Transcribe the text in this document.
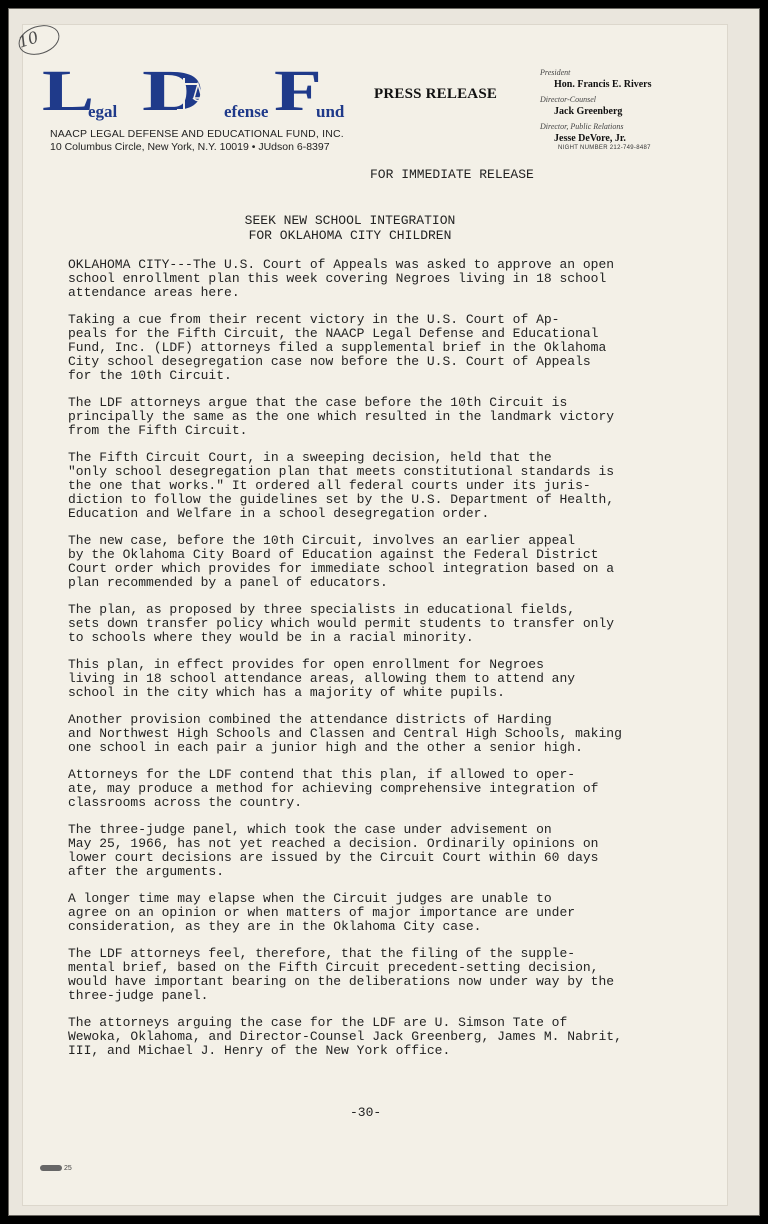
10
L
egal D efense F
und
NAACP LEGAL DEFENSE AND EDUCATIONAL FUND, INC.
10 Columbus Circle, New York, N.Y. 10019 • JUdson 6-8397
PRESS RELEASE
President
Hon. Francis E. Rivers
Director-Counsel
Jack Greenberg
Director, Public Relations
Jesse DeVore, Jr.
NIGHT NUMBER 212-749-8487
FOR IMMEDIATE RELEASE
SEEK NEW SCHOOL INTEGRATION
FOR OKLAHOMA CITY CHILDREN

OKLAHOMA CITY---The U.S. Court of Appeals was asked to approve an open
school enrollment plan this week covering Negroes living in 18 school
attendance areas here.

Taking a cue from their recent victory in the U.S. Court of Ap-
peals for the Fifth Circuit, the NAACP Legal Defense and Educational
Fund, Inc. (LDF) attorneys filed a supplemental brief in the Oklahoma
City school desegregation case now before the U.S. Court of Appeals
for the 10th Circuit.

The LDF attorneys argue that the case before the 10th Circuit is
principally the same as the one which resulted in the landmark victory
from the Fifth Circuit.

The Fifth Circuit Court, in a sweeping decision, held that the
"only school desegregation plan that meets constitutional standards is
the one that works." It ordered all federal courts under its juris-
diction to follow the guidelines set by the U.S. Department of Health,
Education and Welfare in a school desegregation order.

The new case, before the 10th Circuit, involves an earlier appeal
by the Oklahoma City Board of Education against the Federal District
Court order which provides for immediate school integration based on a
plan recommended by a panel of educators.

The plan, as proposed by three specialists in educational fields,
sets down transfer policy which would permit students to transfer only
to schools where they would be in a racial minority.

This plan, in effect provides for open enrollment for Negroes
living in 18 school attendance areas, allowing them to attend any
school in the city which has a majority of white pupils.

Another provision combined the attendance districts of Harding
and Northwest High Schools and Classen and Central High Schools, making
one school in each pair a junior high and the other a senior high.

Attorneys for the LDF contend that this plan, if allowed to oper-
ate, may produce a method for achieving comprehensive integration of
classrooms across the country.

The three-judge panel, which took the case under advisement on
May 25, 1966, has not yet reached a decision. Ordinarily opinions on
lower court decisions are issued by the Circuit Court within 60 days
after the arguments.

A longer time may elapse when the Circuit judges are unable to
agree on an opinion or when matters of major importance are under
consideration, as they are in the Oklahoma City case.

The LDF attorneys feel, therefore, that the filing of the supple-
mental brief, based on the Fifth Circuit precedent-setting decision,
would have important bearing on the deliberations now under way by the
three-judge panel.

The attorneys arguing the case for the LDF are U. Simson Tate of
Wewoka, Oklahoma, and Director-Counsel Jack Greenberg, James M. Nabrit,
III, and Michael J. Henry of the New York office.

-30-
25
